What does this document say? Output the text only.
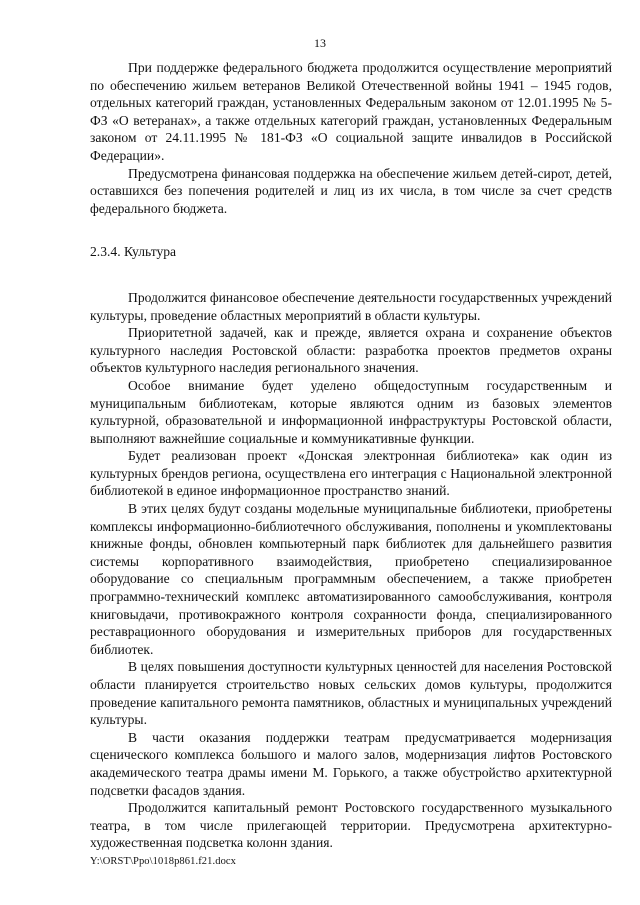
13

При поддержке федерального бюджета продолжится осуществление мероприятий по обеспечению жильем ветеранов Великой Отечественной войны 1941 – 1945 годов, отдельных категорий граждан, установленных Федеральным законом от 12.01.1995 № 5-ФЗ «О ветеранах», а также отдельных категорий граждан, установленных Федеральным законом от 24.11.1995 № 181-ФЗ «О социальной защите инвалидов в Российской Федерации».

Предусмотрена финансовая поддержка на обеспечение жильем детей-сирот, детей, оставшихся без попечения родителей и лиц из их числа, в том числе за счет средств федерального бюджета.

2.3.4. Культура

Продолжится финансовое обеспечение деятельности государственных учреждений культуры, проведение областных мероприятий в области культуры.

Приоритетной задачей, как и прежде, является охрана и сохранение объектов культурного наследия Ростовской области: разработка проектов предметов охраны объектов культурного наследия регионального значения.

Особое внимание будет уделено общедоступным государственным и муниципальным библиотекам, которые являются одним из базовых элементов культурной, образовательной и информационной инфраструктуры Ростовской области, выполняют важнейшие социальные и коммуникативные функции.

Будет реализован проект «Донская электронная библиотека» как один из культурных брендов региона, осуществлена его интеграция с Национальной электронной библиотекой в единое информационное пространство знаний.

В этих целях будут созданы модельные муниципальные библиотеки, приобретены комплексы информационно-библиотечного обслуживания, пополнены и укомплектованы книжные фонды, обновлен компьютерный парк библиотек для дальнейшего развития системы корпоративного взаимодействия, приобретено специализированное оборудование со специальным программным обеспечением, а также приобретен программно-технический комплекс автоматизированного самообслуживания, контроля книговыдачи, противокражного контроля сохранности фонда, специализированного реставрационного оборудования и измерительных приборов для государственных библиотек.

В целях повышения доступности культурных ценностей для населения Ростовской области планируется строительство новых сельских домов культуры, продолжится проведение капитального ремонта памятников, областных и муниципальных учреждений культуры.

В части оказания поддержки театрам предусматривается модернизация сценического комплекса большого и малого залов, модернизация лифтов Ростовского академического театра драмы имени М. Горького, а также обустройство архитектурной подсветки фасадов здания.

Продолжится капитальный ремонт Ростовского государственного музыкального театра, в том числе прилегающей территории. Предусмотрена архитектурно-художественная подсветка колонн здания.

Y:\ORST\Ppo\1018p861.f21.docx
